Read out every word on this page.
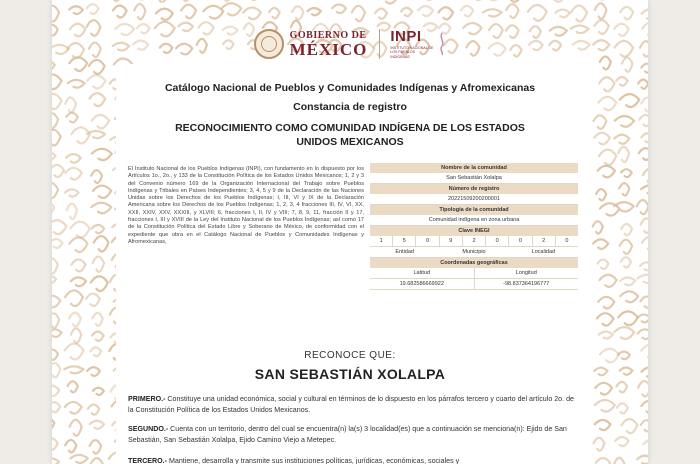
GOBIERNO DE
MÉXICO
INPI
INSTITUTO NACIONAL DE LOS PUEBLOS INDÍGENAS
Catálogo Nacional de Pueblos y Comunidades Indígenas y Afromexicanas
Constancia de registro
RECONOCIMIENTO COMO COMUNIDAD INDÍGENA DE LOS ESTADOS UNIDOS MEXICANOS
El Instituto Nacional de los Pueblos Indígenas (INPI), con fundamento en lo dispuesto por los Artículos 1o., 2o., y 133 de la Constitución Política de los Estados Unidos Mexicanos; 1, 2 y 3 del Convenio número 169 de la Organización Internacional del Trabajo sobre Pueblos Indígenas y Tribales en Países Independientes; 3, 4, 5 y 9 de la Declaración de las Naciones Unidas sobre los Derechos de los Pueblos Indígenas; I, III, VI y IX de la Declaración Americana sobre los Derechos de los Pueblos Indígenas; 1, 2, 3, 4 fracciones III, IV, VI, XX, XXII, XXIV, XXV, XXXIII, y XLVIII; 6, fracciones I, II, IV y VIII; 7, 8, 9, 11, fracción II y 17, fracciones I, III y XVIII de la Ley del Instituto Nacional de los Pueblos Indígenas; así como 17 de la Constitución Política del Estado Libre y Soberano de México, de conformidad con el expediente que obra en el Catálogo Nacional de Pueblos y Comunidades Indígenas y Afromexicanas,
Nombre de la comunidad
San Sebastián Xolalpa
Número de registro
20221509200200001
Tipología de la comunidad
Comunidad indígena en zona urbana
Clave INEGI
1	5	0	9	2	0	0	2	0
Entidad	Municipio	Localidad
Coordenadas geográficas
Latitud	Longitud
19.682586669922	-98.837364196777
RECONOCE QUE:
SAN SEBASTIÁN XOLALPA
PRIMERO.- Constituye una unidad económica, social y cultural en términos de lo dispuesto en los párrafos tercero y cuarto del artículo 2o. de la Constitución Política de los Estados Unidos Mexicanos.
SEGUNDO.- Cuenta con un territorio, dentro del cual se encuentra(n) la(s) 3 localidad(es) que a continuación se menciona(n): Ejido de San Sebastián, San Sebastián Xolalpa, Ejido Camino Viejo a Metepec.
TERCERO.- Mantiene, desarrolla y transmite sus instituciones políticas, jurídicas, económicas, sociales y
